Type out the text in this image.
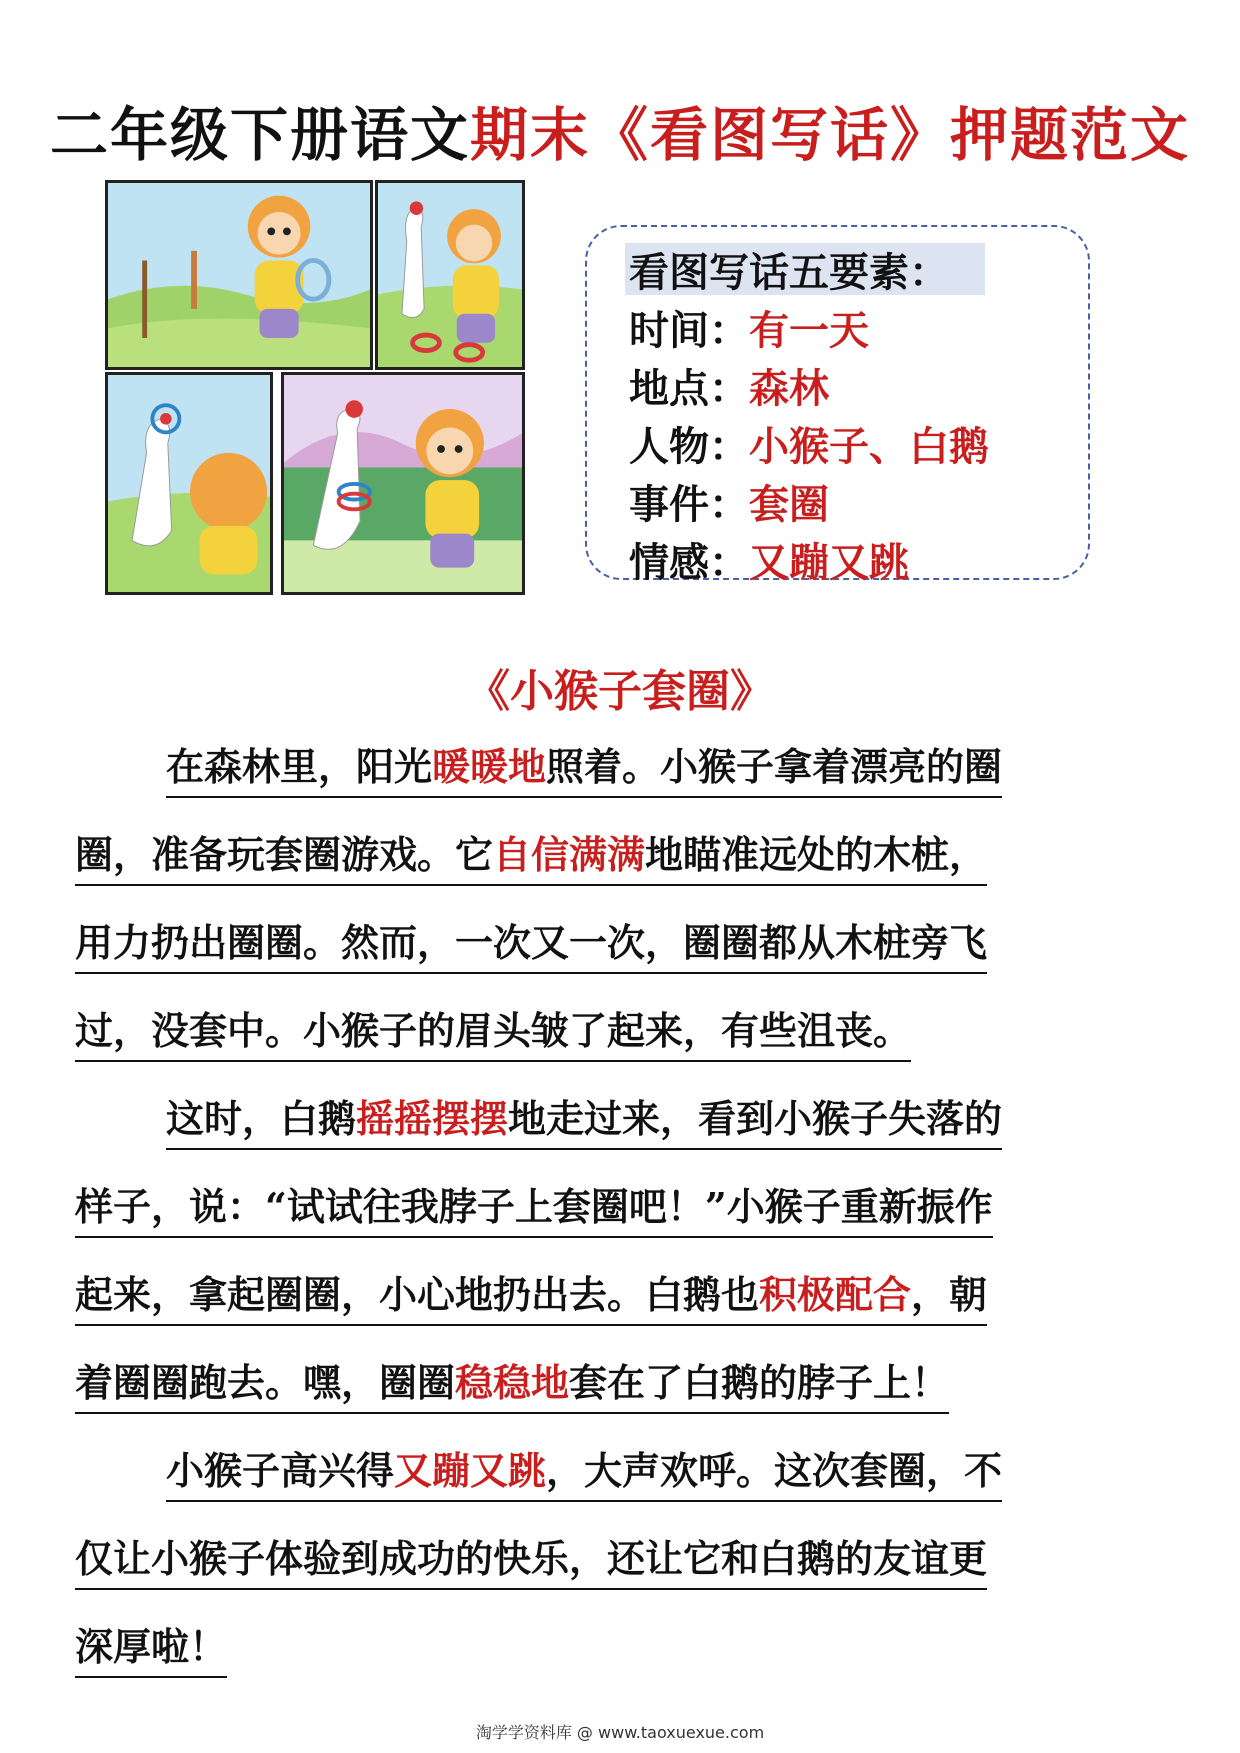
二年级下册语文期末《看图写话》押题范文
看图写话五要素：
时间：有一天
地点：森林
人物：小猴子、白鹅
事件：套圈
情感：又蹦又跳
《小猴子套圈》
在森林里，阳光暖暖地照着。小猴子拿着漂亮的圈
圈，准备玩套圈游戏。它自信满满地瞄准远处的木桩，
用力扔出圈圈。然而，一次又一次，圈圈都从木桩旁飞
过，没套中。小猴子的眉头皱了起来，有些沮丧。
这时，白鹅摇摇摆摆地走过来，看到小猴子失落的
样子，说：“试试往我脖子上套圈吧！”小猴子重新振作
起来，拿起圈圈，小心地扔出去。白鹅也积极配合，朝
着圈圈跑去。嘿，圈圈稳稳地套在了白鹅的脖子上！
小猴子高兴得又蹦又跳，大声欢呼。这次套圈，不
仅让小猴子体验到成功的快乐，还让它和白鹅的友谊更
深厚啦！
淘学学资料库 @ www.taoxuexue.com
